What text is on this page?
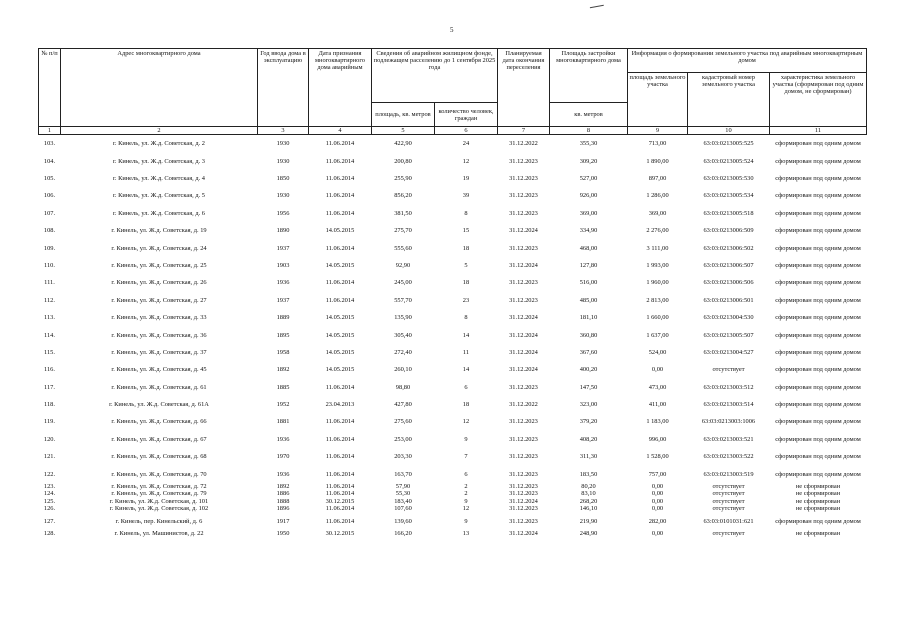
5
№ п/п	Адрес многоквартирного дома	Год ввода дома в эксплуатацию	Дата признания многоквартирного дома аварийным	Сведения об аварийном жилищном фонде, подлежащем расселению до 1 сентября 2025 года		Планируемая дата окончания переселения	Площадь застройки многоквартирного дома	Информация о формировании земельного участка под аварийным многоквартирным домом		
								площадь земельного участка	кадастровый номер земельного участка	характеристика земельного участка (сформирован под одним домом, не сформирован)
				площадь, кв. метров	количество человек, граждан		кв. метров			
1	2	3	4	5	6	7	8	9	10	11
103.	г. Кинель, ул. Ж.д. Советская, д. 2	1930	11.06.2014	422,90	24	31.12.2022	355,30	713,00	63:03:0213005:525	сформирован под одним домом
104.	г. Кинель, ул. Ж.д. Советская, д. 3	1930	11.06.2014	200,80	12	31.12.2023	309,20	1 890,00	63:03:0213005:524	сформирован под одним домом
105.	г. Кинель, ул. Ж.д. Советская, д. 4	1850	11.06.2014	255,90	19	31.12.2023	527,00	897,00	63:03:0213005:530	сформирован под одним домом
106.	г. Кинель, ул. Ж.д. Советская, д. 5	1930	11.06.2014	856,20	39	31.12.2023	926,00	1 286,00	63:03:0213005:534	сформирован под одним домом
107.	г. Кинель, ул. Ж.д. Советская, д. 6	1956	11.06.2014	381,50	8	31.12.2023	369,00	369,00	63:03:0213005:518	сформирован под одним домом
108.	г. Кинель, ул. Ж.д. Советская, д. 19	1890	14.05.2015	275,70	15	31.12.2024	334,90	2 276,00	63:03:0213006:509	сформирован под одним домом
109.	г. Кинель, ул. Ж.д. Советская, д. 24	1937	11.06.2014	555,60	18	31.12.2023	468,00	3 111,00	63:03:0213006:502	сформирован под одним домом
110.	г. Кинель, ул. Ж.д. Советская, д. 25	1903	14.05.2015	92,90	5	31.12.2024	127,80	1 993,00	63:03:0213006:507	сформирован под одним домом
111.	г. Кинель, ул. Ж.д. Советская, д. 26	1936	11.06.2014	245,00	18	31.12.2023	516,00	1 960,00	63:03:0213006:506	сформирован под одним домом
112.	г. Кинель, ул. Ж.д. Советская, д. 27	1937	11.06.2014	557,70	23	31.12.2023	485,00	2 813,00	63:03:0213006:501	сформирован под одним домом
113.	г. Кинель, ул. Ж.д. Советская, д. 33	1889	14.05.2015	135,90	8	31.12.2024	181,10	1 660,00	63:03:0213004:530	сформирован под одним домом
114.	г. Кинель, ул. Ж.д. Советская, д. 36	1895	14.05.2015	305,40	14	31.12.2024	360,80	1 637,00	63:03:0213005:507	сформирован под одним домом
115.	г. Кинель, ул. Ж.д. Советская, д. 37	1958	14.05.2015	272,40	11	31.12.2024	367,60	524,00	63:03:0213004:527	сформирован под одним домом
116.	г. Кинель, ул. Ж.д. Советская, д. 45	1892	14.05.2015	260,10	14	31.12.2024	400,20	0,00	отсутствует	сформирован под одним домом
117.	г. Кинель, ул. Ж.д. Советская, д. 61	1885	11.06.2014	98,80	6	31.12.2023	147,50	473,00	63:03:0213003:512	сформирован под одним домом
118.	г. Кинель, ул. Ж.д. Советская, д. 61А	1952	23.04.2013	427,80	18	31.12.2022	323,00	411,00	63:03:0213003:514	сформирован под одним домом
119.	г. Кинель, ул. Ж.д. Советская, д. 66	1881	11.06.2014	275,60	12	31.12.2023	379,20	1 183,00	63:03:0213003:1006	сформирован под одним домом
120.	г. Кинель, ул. Ж.д. Советская, д. 67	1936	11.06.2014	253,00	9	31.12.2023	408,20	996,00	63:03:0213003:521	сформирован под одним домом
121.	г. Кинель, ул. Ж.д. Советская, д. 68	1970	11.06.2014	203,30	7	31.12.2023	311,30	1 528,00	63:03:0213003:522	сформирован под одним домом
122.	г. Кинель, ул. Ж.д. Советская, д. 70	1936	11.06.2014	163,70	6	31.12.2023	183,50	757,00	63:03:0213003:519	сформирован под одним домом
123.	г. Кинель, ул. Ж.д. Советская, д. 72	1892	11.06.2014	57,90	2	31.12.2023	80,20	0,00	отсутствует	не сформирован
124.	г. Кинель, ул. Ж.д. Советская, д. 79	1886	11.06.2014	55,30	2	31.12.2023	83,10	0,00	отсутствует	не сформирован
125.	г. Кинель, ул. Ж.д. Советская, д. 101	1888	30.12.2015	183,40	9	31.12.2024	268,20	0,00	отсутствует	не сформирован
126.	г. Кинель, ул. Ж.д. Советская, д. 102	1896	11.06.2014	107,60	12	31.12.2023	146,10	0,00	отсутствует	не сформирован
127.	г. Кинель, пер. Кинельский, д. 6	1917	11.06.2014	139,60	9	31.12.2023	219,90	282,00	63:03:0101031:621	сформирован под одним домом
128.	г. Кинель, ул. Машинистов, д. 22	1950	30.12.2015	166,20	13	31.12.2024	248,90	0,00	отсутствует	не сформирован
